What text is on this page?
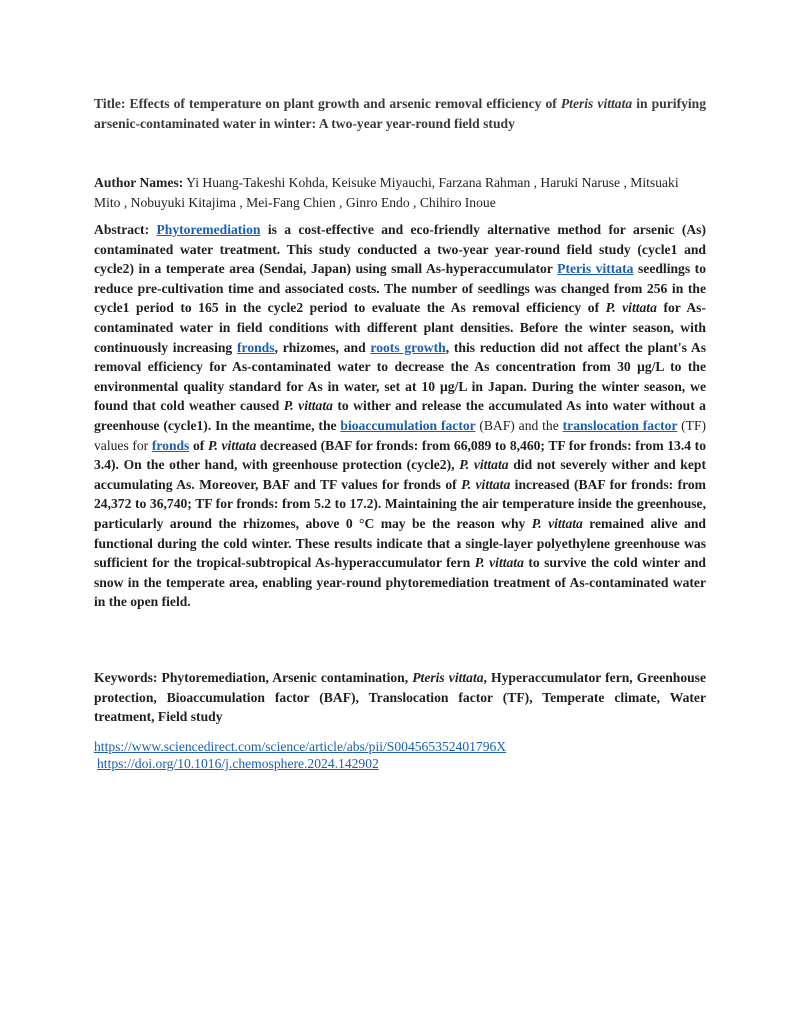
Title: Effects of temperature on plant growth and arsenic removal efficiency of Pteris vittata in purifying arsenic-contaminated water in winter: A two-year year-round field study
Author Names: Yi Huang-Takeshi Kohda, Keisuke Miyauchi, Farzana Rahman , Haruki Naruse , Mitsuaki Mito , Nobuyuki Kitajima , Mei-Fang Chien , Ginro Endo , Chihiro Inoue
Abstract: Phytoremediation is a cost-effective and eco-friendly alternative method for arsenic (As) contaminated water treatment. This study conducted a two-year year-round field study (cycle1 and cycle2) in a temperate area (Sendai, Japan) using small As-hyperaccumulator Pteris vittata seedlings to reduce pre-cultivation time and associated costs. The number of seedlings was changed from 256 in the cycle1 period to 165 in the cycle2 period to evaluate the As removal efficiency of P. vittata for As-contaminated water in field conditions with different plant densities. Before the winter season, with continuously increasing fronds, rhizomes, and roots growth, this reduction did not affect the plant's As removal efficiency for As-contaminated water to decrease the As concentration from 30 μg/L to the environmental quality standard for As in water, set at 10 μg/L in Japan. During the winter season, we found that cold weather caused P. vittata to wither and release the accumulated As into water without a greenhouse (cycle1). In the meantime, the bioaccumulation factor (BAF) and the translocation factor (TF) values for fronds of P. vittata decreased (BAF for fronds: from 66,089 to 8,460; TF for fronds: from 13.4 to 3.4). On the other hand, with greenhouse protection (cycle2), P. vittata did not severely wither and kept accumulating As. Moreover, BAF and TF values for fronds of P. vittata increased (BAF for fronds: from 24,372 to 36,740; TF for fronds: from 5.2 to 17.2). Maintaining the air temperature inside the greenhouse, particularly around the rhizomes, above 0 °C may be the reason why P. vittata remained alive and functional during the cold winter. These results indicate that a single-layer polyethylene greenhouse was sufficient for the tropical-subtropical As-hyperaccumulator fern P. vittata to survive the cold winter and snow in the temperate area, enabling year-round phytoremediation treatment of As-contaminated water in the open field.
Keywords: Phytoremediation, Arsenic contamination, Pteris vittata, Hyperaccumulator fern, Greenhouse protection, Bioaccumulation factor (BAF), Translocation factor (TF), Temperate climate, Water treatment, Field study
https://www.sciencedirect.com/science/article/abs/pii/S004565352401796X
https://doi.org/10.1016/j.chemosphere.2024.142902
